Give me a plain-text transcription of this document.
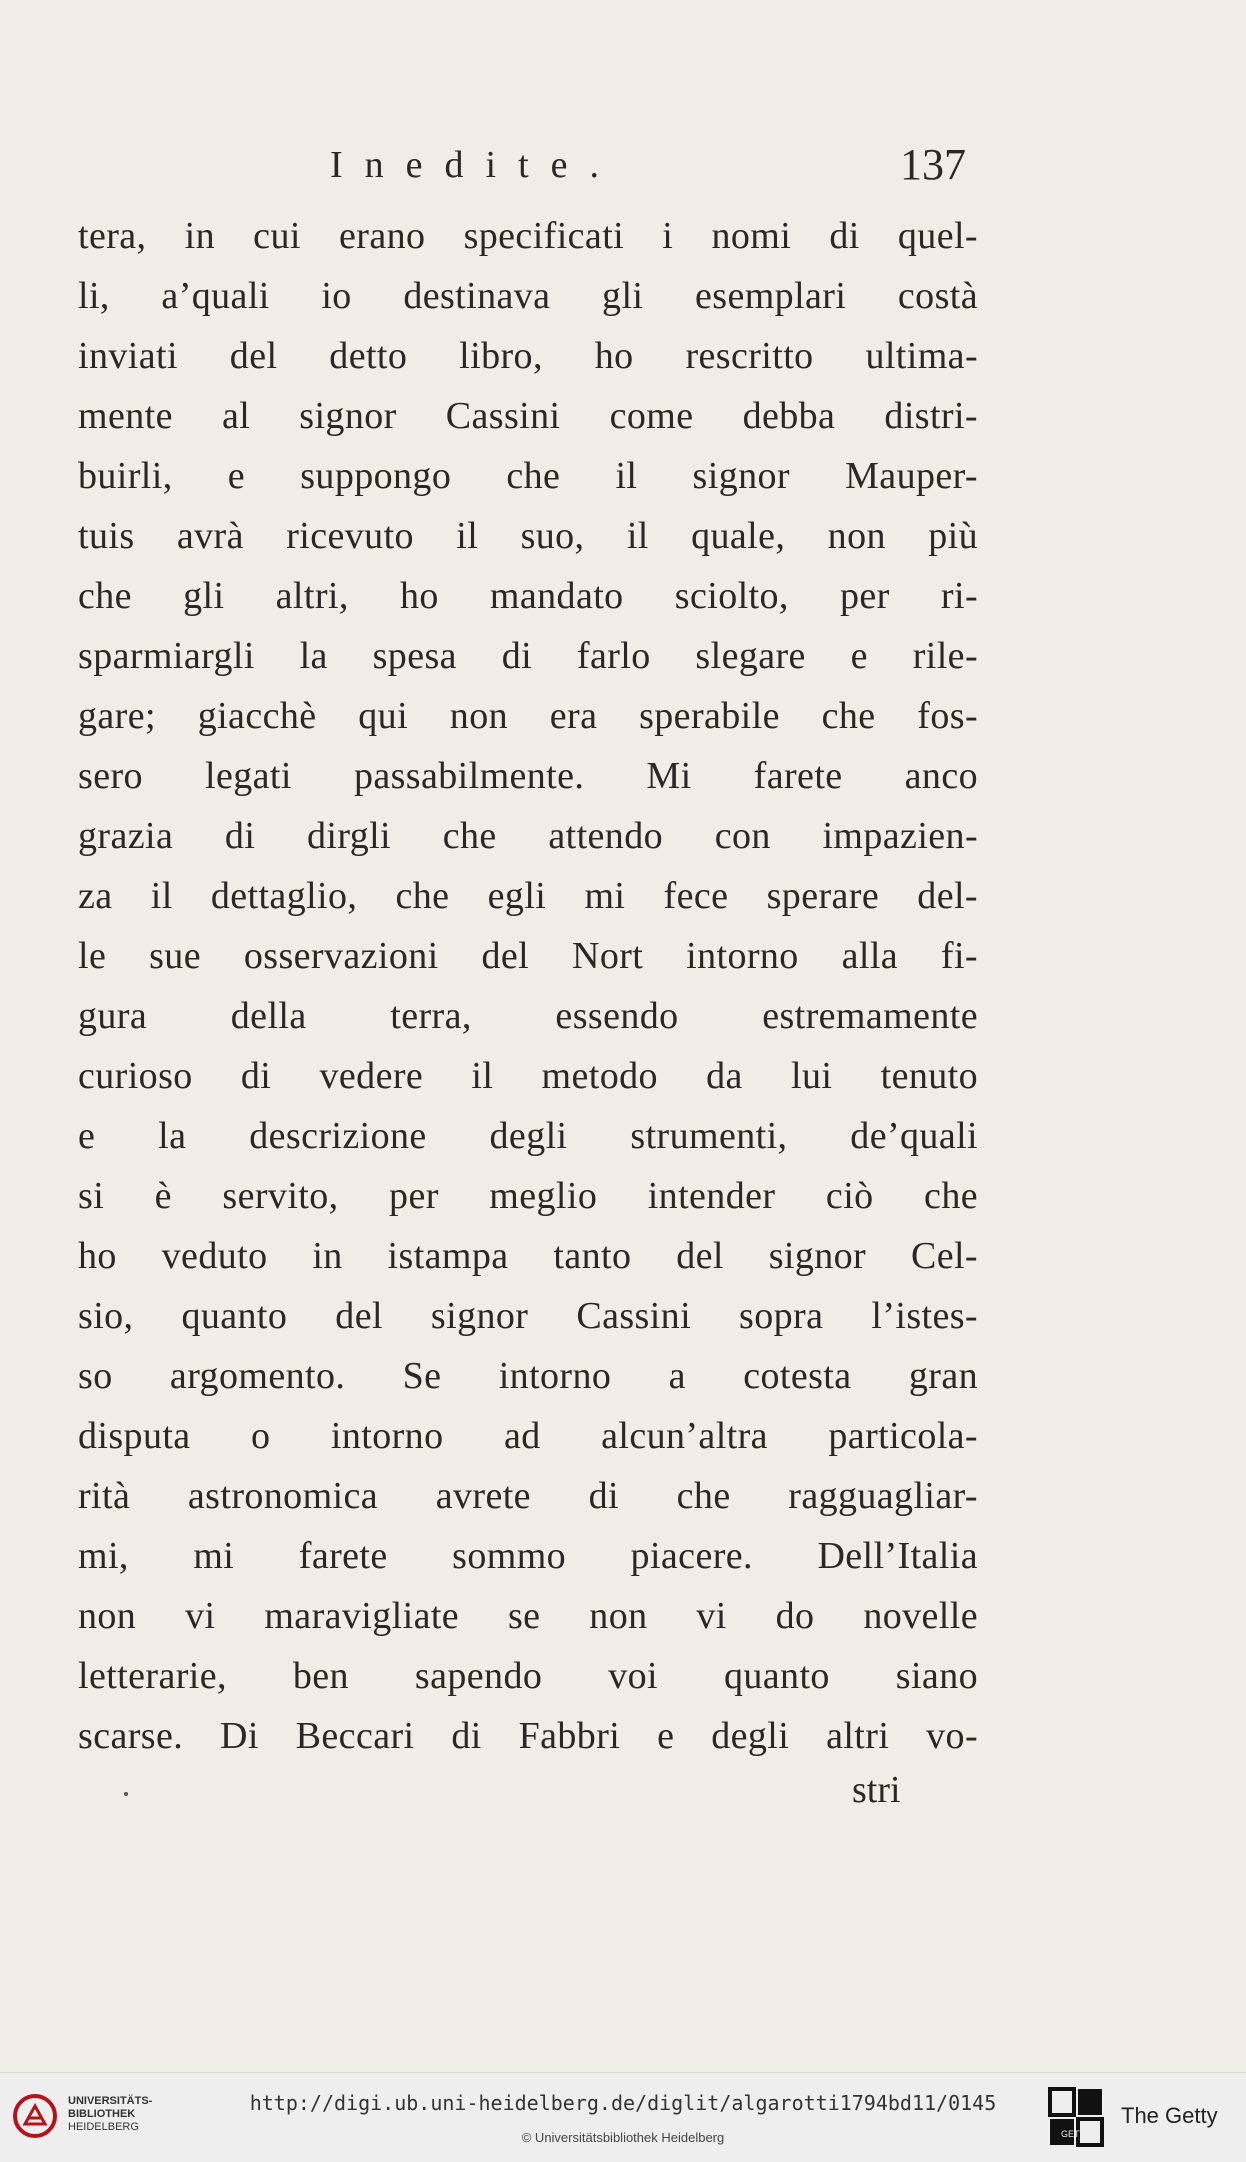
Inedite.	137
tera, in cui erano specificati i nomi di quel-
li, a’quali io destinava gli esemplari costà
inviati del detto libro, ho rescritto ultima-
mente al signor Cassini come debba distri-
buirli, e suppongo che il signor Mauper-
tuis avrà ricevuto il suo, il quale, non più
che gli altri, ho mandato sciolto, per ri-
sparmiargli la spesa di farlo slegare e rile-
gare; giacchè qui non era sperabile che fos-
sero legati passabilmente. Mi farete anco
grazia di dirgli che attendo con impazien-
za il dettaglio, che egli mi fece sperare del-
le sue osservazioni del Nort intorno alla fi-
gura della terra, essendo estremamente
curioso di vedere il metodo da lui tenuto
e la descrizione degli strumenti, de’quali
si è servito, per meglio intender ciò che
ho veduto in istampa tanto del signor Cel-
sio, quanto del signor Cassini sopra l’istes-
so argomento. Se intorno a cotesta gran
disputa o intorno ad alcun’altra particola-
rità astronomica avrete di che ragguagliar-
mi, mi farete sommo piacere. Dell’Italia
non vi maravigliate se non vi do novelle
letterarie, ben sapendo voi quanto siano
scarse. Di Beccari di Fabbri e degli altri vo-
stri
UNIVERSITÄTS-
BIBLIOTHEK
HEIDELBERG
http://digi.ub.uni-heidelberg.de/diglit/algarotti1794bd11/0145
© Universitätsbibliothek Heidelberg	GETTY
The Getty
